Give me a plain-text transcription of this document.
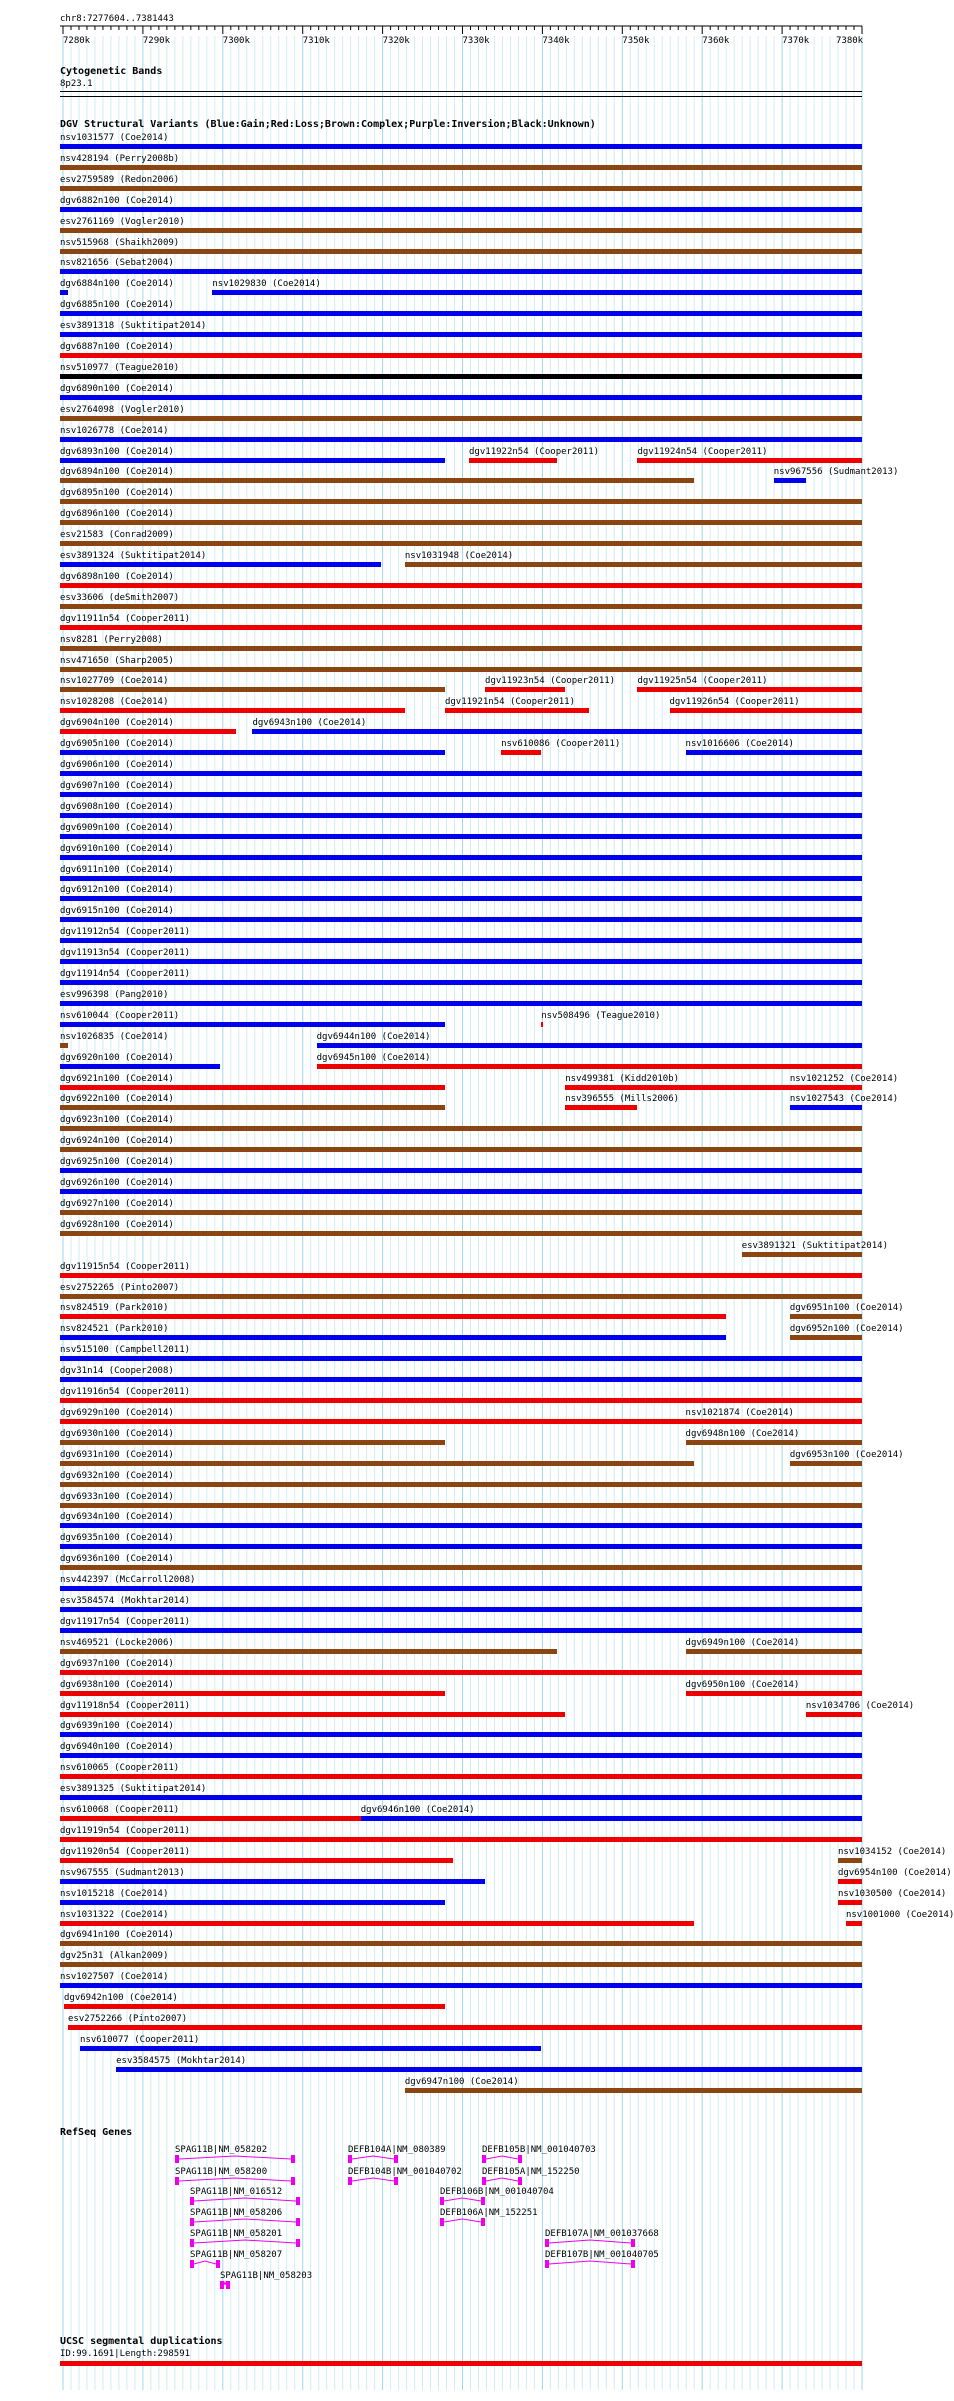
chr8:7277604..7381443
7280k	7290k	7300k	7310k	7320k	7330k	7340k	7350k	7360k	7370k	7380k
Cytogenetic Bands
8p23.1
DGV Structural Variants (Blue:Gain;Red:Loss;Brown:Complex;Purple:Inversion;Black:Unknown)
nsv1031577 (Coe2014)
nsv428194 (Perry2008b)
esv2759589 (Redon2006)
dgv6882n100 (Coe2014)
esv2761169 (Vogler2010)
nsv515968 (Shaikh2009)
nsv821656 (Sebat2004)
dgv6884n100 (Coe2014)	nsv1029830 (Coe2014)
dgv6885n100 (Coe2014)
esv3891318 (Suktitipat2014)
dgv6887n100 (Coe2014)
nsv510977 (Teague2010)
dgv6890n100 (Coe2014)
esv2764098 (Vogler2010)
nsv1026778 (Coe2014)
dgv6893n100 (Coe2014)	dgv11922n54 (Cooper2011)	dgv11924n54 (Cooper2011)
dgv6894n100 (Coe2014)	nsv967556 (Sudmant2013)
dgv6895n100 (Coe2014)
dgv6896n100 (Coe2014)
esv21583 (Conrad2009)
esv3891324 (Suktitipat2014)	nsv1031948 (Coe2014)
dgv6898n100 (Coe2014)
esv33606 (deSmith2007)
dgv11911n54 (Cooper2011)
nsv8281 (Perry2008)
nsv471650 (Sharp2005)
nsv1027709 (Coe2014)	dgv11923n54 (Cooper2011) dgv11925n54 (Cooper2011)
nsv1028208 (Coe2014)	dgv11921n54 (Cooper2011)	dgv11926n54 (Cooper2011)
dgv6904n100 (Coe2014)	dgv6943n100 (Coe2014)
dgv6905n100 (Coe2014)	nsv610086 (Cooper2011)	nsv1016606 (Coe2014)
dgv6906n100 (Coe2014)
dgv6907n100 (Coe2014)
dgv6908n100 (Coe2014)
dgv6909n100 (Coe2014)
dgv6910n100 (Coe2014)
dgv6911n100 (Coe2014)
dgv6912n100 (Coe2014)
dgv6915n100 (Coe2014)
dgv11912n54 (Cooper2011)
dgv11913n54 (Cooper2011)
dgv11914n54 (Cooper2011)
esv996398 (Pang2010)
nsv610044 (Cooper2011)	nsv508496 (Teague2010)
nsv1026835 (Coe2014)	dgv6944n100 (Coe2014)
dgv6920n100 (Coe2014)	dgv6945n100 (Coe2014)
dgv6921n100 (Coe2014)	nsv499381 (Kidd2010b)	nsv1021252 (Coe2014)
dgv6922n100 (Coe2014)	nsv396555 (Mills2006)	nsv1027543 (Coe2014)
dgv6923n100 (Coe2014)
dgv6924n100 (Coe2014)
dgv6925n100 (Coe2014)
dgv6926n100 (Coe2014)
dgv6927n100 (Coe2014)
dgv6928n100 (Coe2014)
esv3891321 (Suktitipat2014)
dgv11915n54 (Cooper2011)
esv2752265 (Pinto2007)
nsv824519 (Park2010)	dgv6951n100 (Coe2014)
nsv824521 (Park2010)	dgv6952n100 (Coe2014)
nsv515100 (Campbell2011)
dgv31n14 (Cooper2008)
dgv11916n54 (Cooper2011)
dgv6929n100 (Coe2014)	nsv1021874 (Coe2014)
dgv6930n100 (Coe2014)	dgv6948n100 (Coe2014)
dgv6931n100 (Coe2014)	dgv6953n100 (Coe2014)
dgv6932n100 (Coe2014)
dgv6933n100 (Coe2014)
dgv6934n100 (Coe2014)
dgv6935n100 (Coe2014)
dgv6936n100 (Coe2014)
nsv442397 (McCarroll2008)
esv3584574 (Mokhtar2014)
dgv11917n54 (Cooper2011)
nsv469521 (Locke2006)	dgv6949n100 (Coe2014)
dgv6937n100 (Coe2014)
dgv6938n100 (Coe2014)	dgv6950n100 (Coe2014)
dgv11918n54 (Cooper2011)	nsv1034706 (Coe2014)
dgv6939n100 (Coe2014)
dgv6940n100 (Coe2014)
nsv610065 (Cooper2011)
esv3891325 (Suktitipat2014)
nsv610068 (Cooper2011)	dgv6946n100 (Coe2014)
dgv11919n54 (Cooper2011)
dgv11920n54 (Cooper2011)	nsv1034152 (Coe2014)
nsv967555 (Sudmant2013)	dgv6954n100 (Coe2014)
nsv1015218 (Coe2014)	nsv1030500 (Coe2014)
nsv1031322 (Coe2014)	nsv1001000 (Coe2014)
dgv6941n100 (Coe2014)
dgv25n31 (Alkan2009)
nsv1027507 (Coe2014)
dgv6942n100 (Coe2014)
esv2752266 (Pinto2007)
nsv610077 (Cooper2011)
esv3584575 (Mokhtar2014)
dgv6947n100 (Coe2014)
RefSeq Genes
SPAG11B|NM_058202
SPAG11B|NM_058200
SPAG11B|NM_016512
SPAG11B|NM_058206
SPAG11B|NM_058201
SPAG11B|NM_058207
SPAG11B|NM_058203
DEFB104A|NM_080389
DEFB104B|NM_001040702
DEFB105B|NM_001040703
DEFB105A|NM_152250
DEFB106B|NM_001040704
DEFB106A|NM_152251
DEFB107A|NM_001037668
DEFB107B|NM_001040705
UCSC segmental duplications
ID:99.1691|Length:298591
